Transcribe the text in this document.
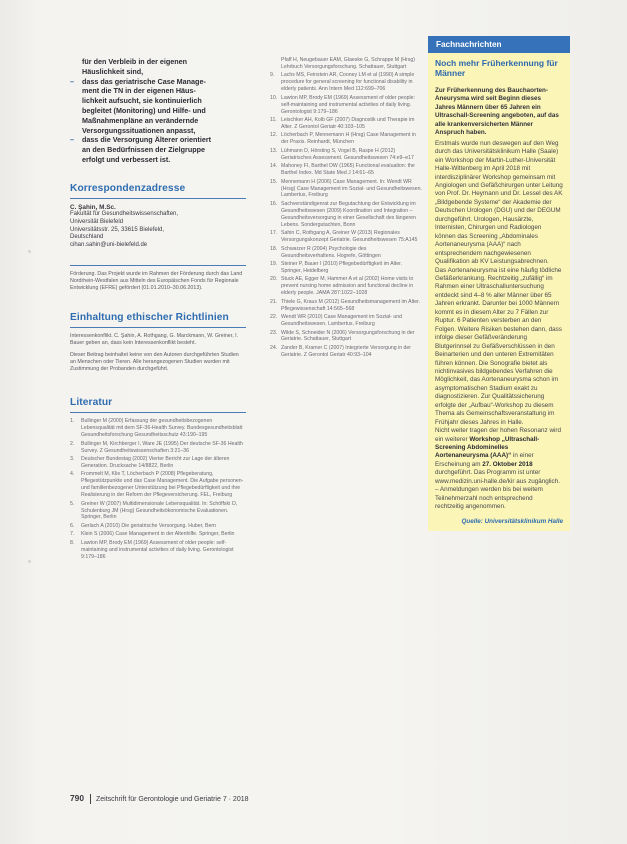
für den Verbleib in der eigenen
Häuslichkeit sind,
– dass das geriatrische Case Manage-
ment die TN in der eigenen Häus-
lichkeit aufsucht, sie kontinuierlich
begleitet (Monitoring) und Hilfe- und
Maßnahmenpläne an verändernde
Versorgungssituationen anpasst,
– dass die Versorgung Älterer orientiert
an den Bedürfnissen der Zielgruppe
erfolgt und verbessert ist.
Korrespondenzadresse

C. Şahin, M.Sc.

Fakultät für Gesundheitswissenschaften,

Universität Bielefeld

Universitätsstr. 25, 33615 Bielefeld,

Deutschland

cihan.sahin@uni-bielefeld.de

Förderung. Das Projekt wurde im Rahmen der Förderung durch das Land Nordrhein-Westfalen aus Mitteln des Europäischen Fonds für Regionale Entwicklung (EFRE) gefördert (01.01.2010–30.06.2013).

Einhaltung ethischer Richtlinien

Interessenkonflikt. C. Şahin, A. Rothgang, G. Marckmann, W. Greiner, I. Bauer geben an, dass kein Interessenkonflikt besteht.

Dieser Beitrag beinhaltet keine von den Autoren durchgeführten Studien an Menschen oder Tieren. Alle herangezogenen Studien wurden mit Zustimmung der Probanden durchgeführt.

Literatur
1. Bullinger M (2000) Erfassung der gesundheitsbezogenen Lebensqualität mit dem SF-36-Health Survey. Bundesgesundheitsblatt Gesundheitsforschung Gesundheitsschutz 43:190–195
2. Bullinger M, Kirchberger I, Ware JE (1995) Der deutsche SF-36 Health Survey. Z Gesundheitswissenschaften 3:21–36
3. Deutscher Bundestag (2002) Vierter Bericht zur Lage der älteren Generation. Drucksache 14/8822, Berlin
4. Frommelt M, Klie T, Löcherbach P (2008) Pflegeberatung, Pflegestützpunkte und das Case Management. Die Aufgabe personen- und familienbezogener Unterstützung bei Pflegebedürftigkeit und ihre Realisierung in der Reform der Pflegeversicherung. FEL, Freiburg
5. Greiner W (2007) Multidimensionale Lebensqualität. In: Schöffski O, Schulenburg JM (Hrsg) Gesundheitsökonomische Evaluationen. Springer, Berlin
6. Gerlach A (2010) Die geriatrische Versorgung. Huber, Bern
7. Klein S (2006) Case Management in der Altenhilfe. Springer, Berlin
8. Lawton MP, Brody EM (1969) Assessment of older people: self-maintaining and instrumental activities of daily living. Gerontologist 9:179–186
Pfaff H, Neugebauer EAM, Glaeske G, Schrappe M (Hrsg) Lehrbuch Versorgungsforschung. Schattauer, Stuttgart
9. Lachs MS, Feinstein AR, Cooney LM et al (1990) A simple procedure for general screening for functional disability in elderly patients. Ann Intern Med 112:699–706
10. Lawton MP, Brody EM (1969) Assessment of older people: self-maintaining and instrumental activities of daily living. Gerontologist 9:179–186
11. Leischker AH, Kolb GF (2007) Diagnostik und Therapie im Alter. Z Gerontol Geriatr 40:103–105
12. Löcherbach P, Mennemann H (Hrsg) Case Management in der Praxis. Reinhardt, München
13. Lühmann D, Hörsting S, Vogel B, Raspe H (2012) Geriatrisches Assessment. Gesundheitswesen 74:e9–e17
14. Mahoney FI, Barthel DW (1965) Functional evaluation: the Barthel Index. Md State Med J 14:61–65
15. Mennemann H (2006) Case Management. In: Wendt WR (Hrsg) Case Management im Sozial- und Gesundheitswesen. Lambertus, Freiburg
16. Sachverständigenrat zur Begutachtung der Entwicklung im Gesundheitswesen (2009) Koordination und Integration – Gesundheitsversorgung in einer Gesellschaft des längeren Lebens. Sondergutachten, Bonn
17. Sahin C, Rothgang A, Greiner W (2013) Regionales Versorgungskonzept Geriatrie. Gesundheitswesen 75:A145
18. Schwarzer R (2004) Psychologie des Gesundheitsverhaltens. Hogrefe, Göttingen
19. Steiner P, Bauer I (2010) Pflegebedürftigkeit im Alter. Springer, Heidelberg
20. Stuck AE, Egger M, Hammer A et al (2002) Home visits to prevent nursing home admission and functional decline in elderly people. JAMA 287:1022–1028
21. Thiele G, Kraus M (2012) Gesundheitsmanagement im Alter. Pflegewissenschaft 14:565–568
22. Wendt WR (2010) Case Management im Sozial- und Gesundheitswesen. Lambertus, Freiburg
23. Wilde S, Schneider N (2006) Versorgungsforschung in der Geriatrie. Schattauer, Stuttgart
24. Zander B, Kramer C (2007) Integrierte Versorgung in der Geriatrie. Z Gerontol Geriatr 40:93–104
Fachnachrichten
Noch mehr Früherkennung für Männer

Zur Früherkennung des Bauchaorten-Aneurysma wird seit Beginn dieses Jahres Männern über 65 Jahren ein Ultraschall-Screening angeboten, auf das alle krankenversicherten Männer Anspruch haben.

Erstmals wurde nun deswegen auf den Weg durch das Universitätsklinikum Halle (Saale) ein Workshop der Martin-Luther-Universität Halle-Wittenberg im April 2018 mit interdisziplinärer Workshop gemeinsam mit Angiologen und Gefäßchirurgen unter Leitung von Prof. Dr. Heymann und Dr. Lessel des AK „Bildgebende Systeme“ der Akademie der Deutschen Urologen (DGU) und der DEGUM durchgeführt. Urologen, Hausärzte, Internisten, Chirurgen und Radiologen können das Screening „Abdominales Aortenaneurysma (AAA)“ nach entsprechendem nachgewiesenen Qualifikation ab KV Leistungsabrechnen.

Das Aortenaneurysma ist eine häufig tödliche Gefäßerkrankung. Rechtzeitig „zufällig“ im Rahmen einer Ultraschalluntersuchung entdeckt sind 4–8 % aller Männer über 65 Jahren erkrankt. Darunter bei 1000 Männern kommt es in diesem Alter zu 7 Fällen zur Ruptur. 6 Patienten versterben an den Folgen. Weitere Risiken bestehen dann, dass infolge dieser Gefäßveränderung Blutgerinnsel zu Gefäßverschlüssen in den Beinarterien und den unteren Extremitäten führen können. Die Sonografie bietet als nichtinvasives bildgebendes Verfahren die Möglichkeit, das Aortenaneurysma schon im asymptomatischen Stadium exakt zu diagnostizieren. Zur Qualitätssicherung erfolgte der „Aufbau“-Workshop zu diesem Thema als Gemeinschaftsveranstaltung im Frühjahr dieses Jahres in Halle.

Nicht weiter tragen der hohen Resonanz wird ein weiterer Workshop „Ultraschall-Screening Abdominelles Aortenaneurysma (AAA)“ in einer Erscheinung am 27. Oktober 2018 durchgeführt. Das Programm ist unter www.medizin.uni-halle.de/kir aus zugänglich. – Anmeldungen werden bis bei weitem Teilnehmerzahl noch entsprechend rechtzeitig angenommen.

Quelle: Universitätsklinikum Halle
790 Zeitschrift für Gerontologie und Geriatrie 7 · 2018
